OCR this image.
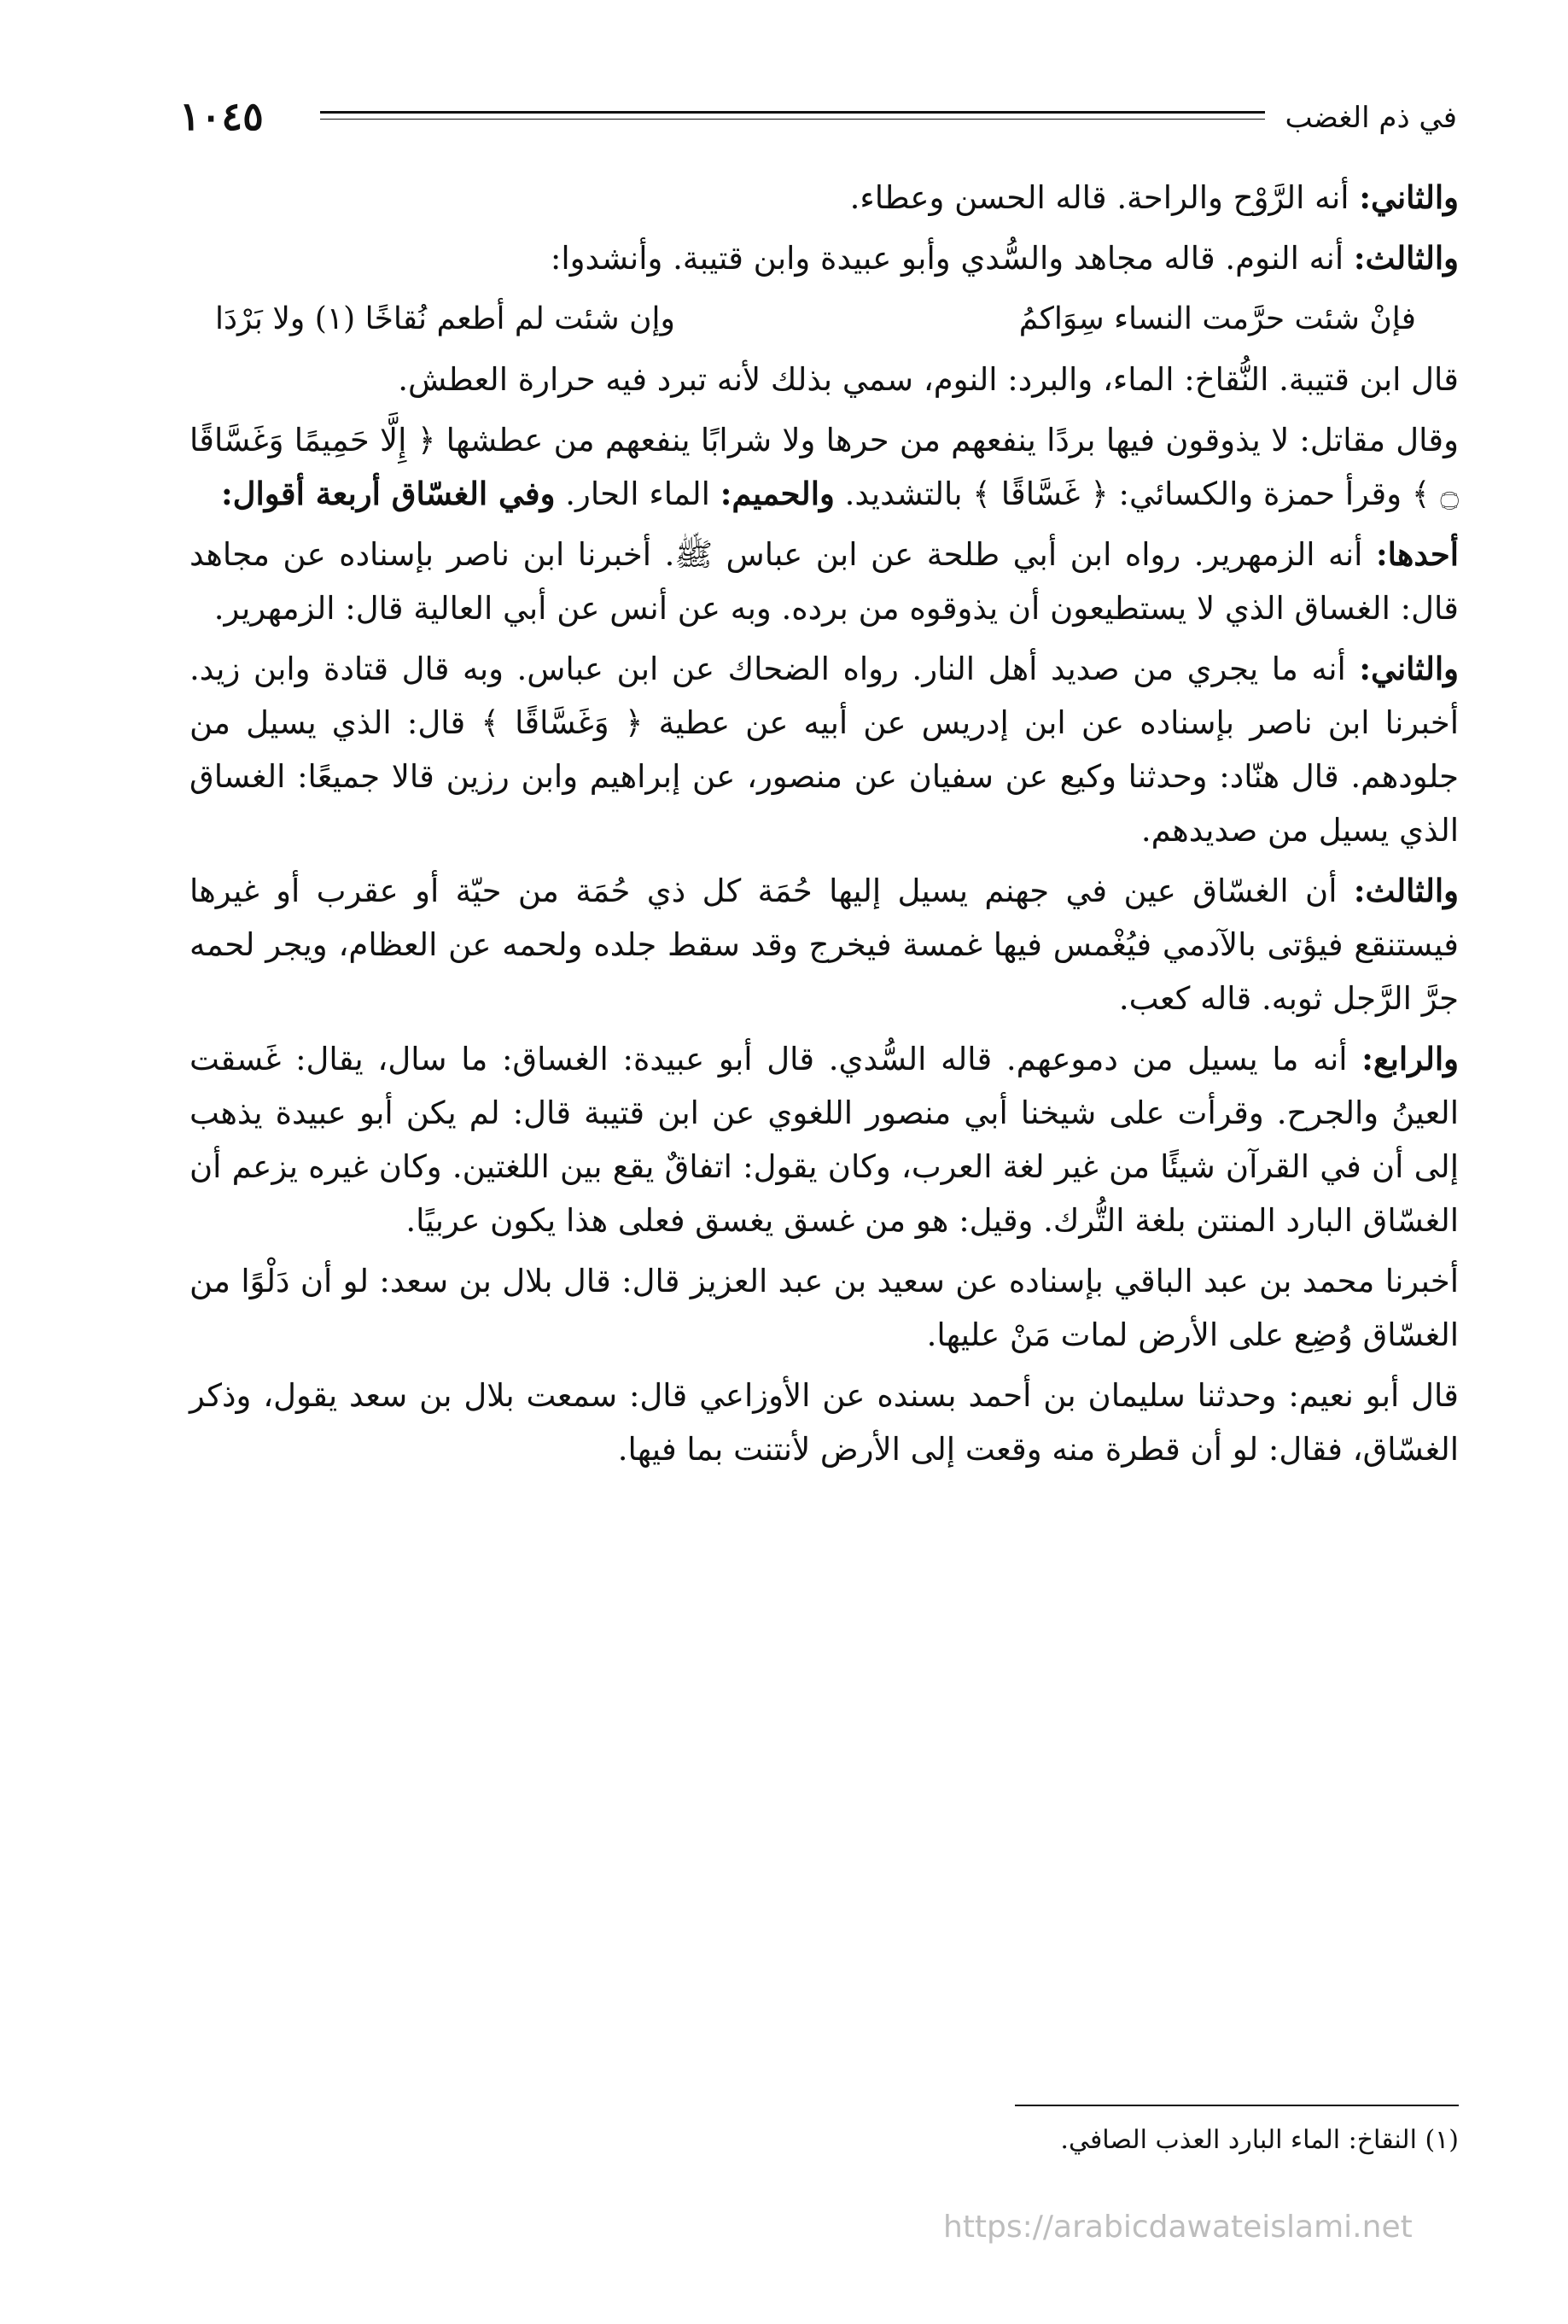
في ذم الغضب
١٠٤٥

والثاني: أنه الرَّوْح والراحة. قاله الحسن وعطاء.

والثالث: أنه النوم. قاله مجاهد والسُّدي وأبو عبيدة وابن قتيبة. وأنشدوا:

فإنْ شئت حرَّمت النساء سِوَاكمُ
وإن شئت لم أطعم نُقاخًا (١) ولا بَرْدَا

قال ابن قتيبة. النُّقاخ: الماء، والبرد: النوم، سمي بذلك لأنه تبرد فيه حرارة العطش.

وقال مقاتل: لا يذوقون فيها بردًا ينفعهم من حرها ولا شرابًا ينفعهم من عطشها ﴿ إِلَّا حَمِيمًا وَغَسَّاقًا ۝ ﴾ وقرأ حمزة والكسائي: ﴿ غَسَّاقًا ﴾ بالتشديد. والحميم: الماء الحار. وفي الغسّاق أربعة أقوال:

أحدها: أنه الزمهرير. رواه ابن أبي طلحة عن ابن عباس ﷺ. أخبرنا ابن ناصر بإسناده عن مجاهد قال: الغساق الذي لا يستطيعون أن يذوقوه من برده. وبه عن أنس عن أبي العالية قال: الزمهرير.

والثاني: أنه ما يجري من صديد أهل النار. رواه الضحاك عن ابن عباس. وبه قال قتادة وابن زيد. أخبرنا ابن ناصر بإسناده عن ابن إدريس عن أبيه عن عطية ﴿ وَغَسَّاقًا ﴾ قال: الذي يسيل من جلودهم. قال هنّاد: وحدثنا وكيع عن سفيان عن منصور، عن إبراهيم وابن رزين قالا جميعًا: الغساق الذي يسيل من صديدهم.

والثالث: أن الغسّاق عين في جهنم يسيل إليها حُمَة كل ذي حُمَة من حيّة أو عقرب أو غيرها فيستنقع فيؤتى بالآدمي فيُغْمس فيها غمسة فيخرج وقد سقط جلده ولحمه عن العظام، ويجر لحمه جرَّ الرَّجل ثوبه. قاله كعب.

والرابع: أنه ما يسيل من دموعهم. قاله السُّدي. قال أبو عبيدة: الغساق: ما سال، يقال: غَسقت العينُ والجرح. وقرأت على شيخنا أبي منصور اللغوي عن ابن قتيبة قال: لم يكن أبو عبيدة يذهب إلى أن في القرآن شيئًا من غير لغة العرب، وكان يقول: اتفاقٌ يقع بين اللغتين. وكان غيره يزعم أن الغسّاق البارد المنتن بلغة التُّرك. وقيل: هو من غسق يغسق فعلى هذا يكون عربيًا.

أخبرنا محمد بن عبد الباقي بإسناده عن سعيد بن عبد العزيز قال: قال بلال بن سعد: لو أن دَلْوًا من الغسّاق وُضِع على الأرض لمات مَنْ عليها.

قال أبو نعيم: وحدثنا سليمان بن أحمد بسنده عن الأوزاعي قال: سمعت بلال بن سعد يقول، وذكر الغسّاق، فقال: لو أن قطرة منه وقعت إلى الأرض لأنتنت بما فيها.

(١) النقاخ: الماء البارد العذب الصافي.
https://arabicdawateislami.net
